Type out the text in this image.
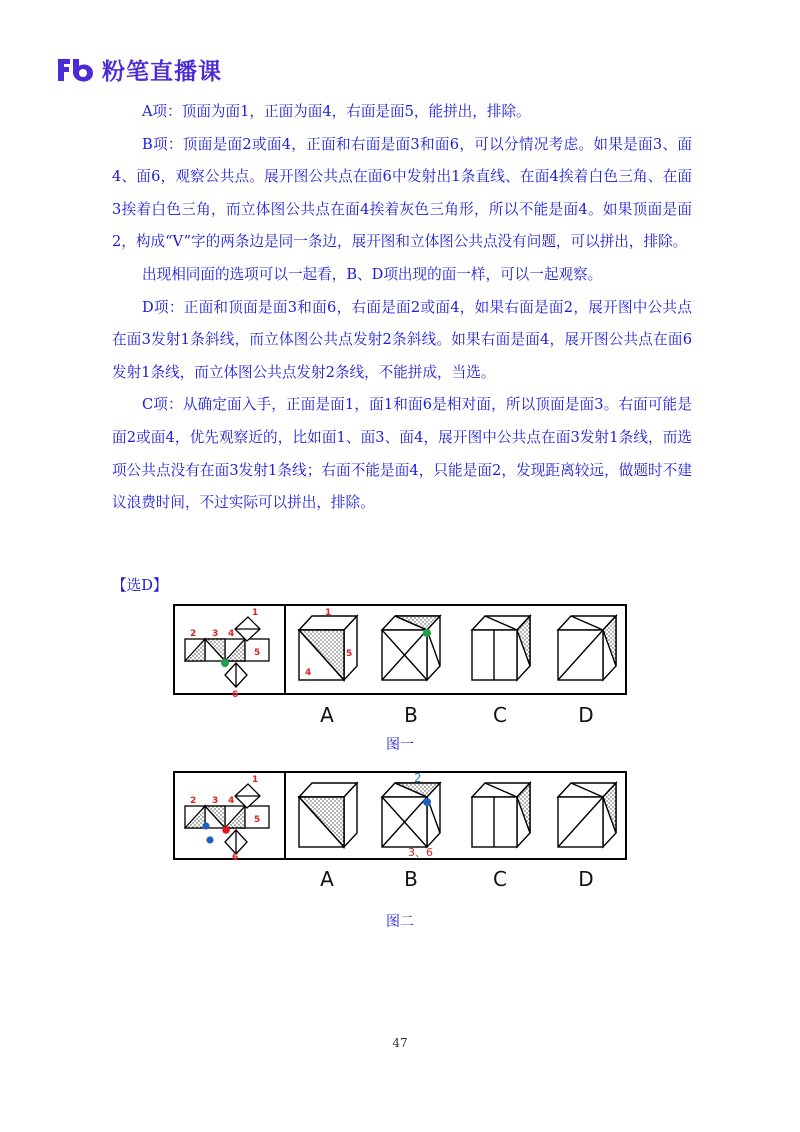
粉笔直播课

A项：顶面为面1，正面为面4，右面是面5，能拼出，排除。

B项：顶面是面2或面4，正面和右面是面3和面6，可以分情况考虑。如果是面3、面4、面6，观察公共点。展开图公共点在面6中发射出1条直线、在面4挨着白色三角、在面3挨着白色三角，而立体图公共点在面4挨着灰色三角形，所以不能是面4。如果顶面是面2，构成“V”字的两条边是同一条边，展开图和立体图公共点没有问题，可以拼出，排除。

出现相同面的选项可以一起看，B、D项出现的面一样，可以一起观察。

D项：正面和顶面是面3和面6，右面是面2或面4，如果右面是面2，展开图中公共点在面3发射1条斜线，而立体图公共点发射2条斜线。如果右面是面4，展开图公共点在面6发射1条线，而立体图公共点发射2条线，不能拼成，当选。

C项：从确定面入手，正面是面1，面1和面6是相对面，所以顶面是面3。右面可能是面2或面4，优先观察近的，比如面1、面3、面4，展开图中公共点在面3发射1条线，而选项公共点没有在面3发射1条线；右面不能是面4，只能是面2，发现距离较远，做题时不建议浪费时间，不过实际可以拼出，排除。

【选D】
2 3 4
1
5
6
1
5
4
A	B	C	D
图一
2 3 4
1
5
6
2
3、6
A	B	C	D
图二
47
